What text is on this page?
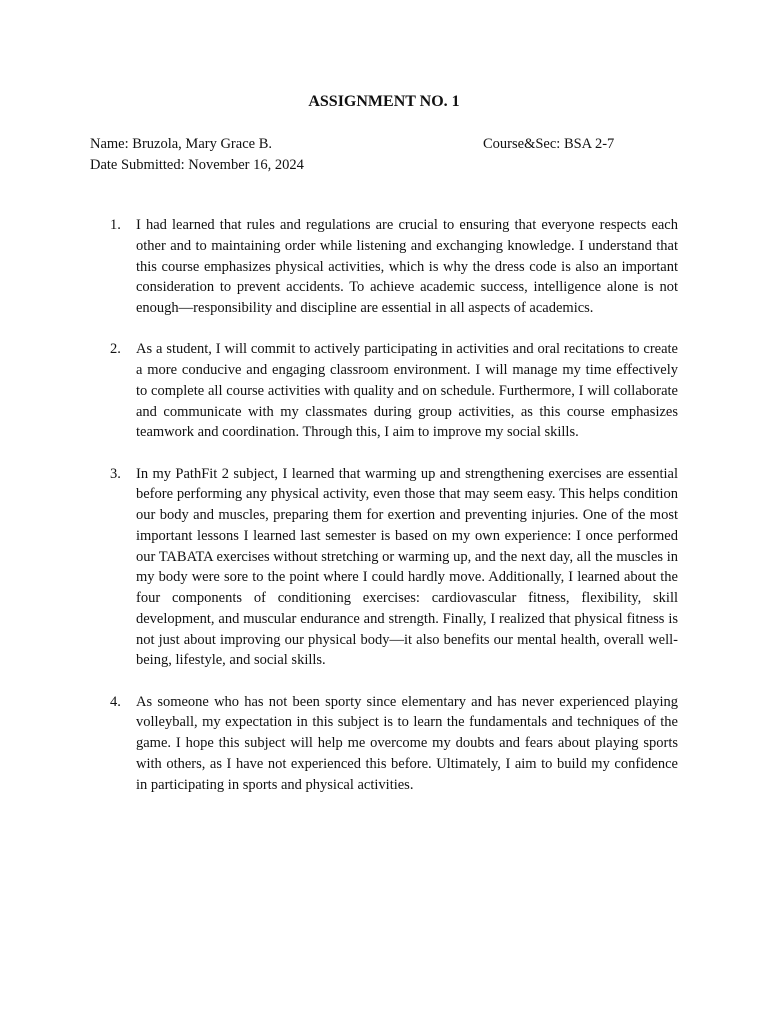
ASSIGNMENT NO. 1
Name: Bruzola, Mary Grace B.	Course&Sec: BSA 2-7
Date Submitted: November 16, 2024
1.	I had learned that rules and regulations are crucial to ensuring that everyone respects each other and to maintaining order while listening and exchanging knowledge. I understand that this course emphasizes physical activities, which is why the dress code is also an important consideration to prevent accidents. To achieve academic success, intelligence alone is not enough—responsibility and discipline are essential in all aspects of academics.

2.	As a student, I will commit to actively participating in activities and oral recitations to create a more conducive and engaging classroom environment. I will manage my time effectively to complete all course activities with quality and on schedule. Furthermore, I will collaborate and communicate with my classmates during group activities, as this course emphasizes teamwork and coordination. Through this, I aim to improve my social skills.

3.	In my PathFit 2 subject, I learned that warming up and strengthening exercises are essential before performing any physical activity, even those that may seem easy. This helps condition our body and muscles, preparing them for exertion and preventing injuries. One of the most important lessons I learned last semester is based on my own experience: I once performed our TABATA exercises without stretching or warming up, and the next day, all the muscles in my body were sore to the point where I could hardly move. Additionally, I learned about the four components of conditioning exercises: cardiovascular fitness, flexibility, skill development, and muscular endurance and strength. Finally, I realized that physical fitness is not just about improving our physical body—it also benefits our mental health, overall well-being, lifestyle, and social skills.

4.	As someone who has not been sporty since elementary and has never experienced playing volleyball, my expectation in this subject is to learn the fundamentals and techniques of the game. I hope this subject will help me overcome my doubts and fears about playing sports with others, as I have not experienced this before. Ultimately, I aim to build my confidence in participating in sports and physical activities.
